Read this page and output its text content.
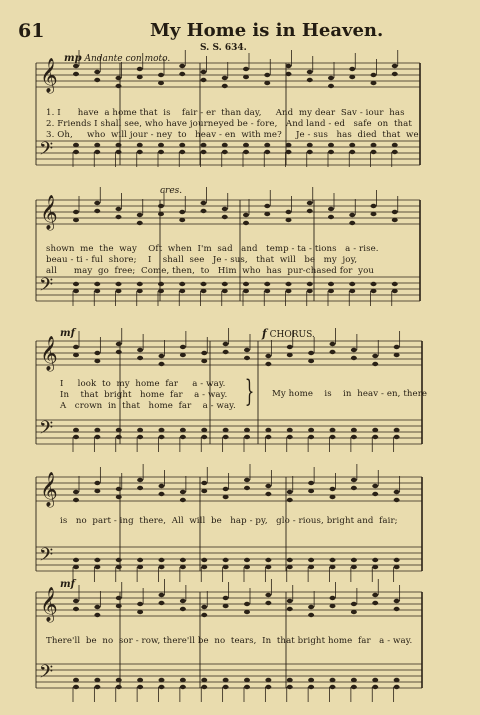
61	My Home is in Heaven.
S. S. 634.
mp Andante con moto.
𝄞
𝄢
𝄞
𝄢
𝄞
𝄢
𝄞
𝄢
𝄞
𝄢
cres.
mf	f CHORUS.
mf
1. I      have  a home that  is    fair - er  than day,     And  my dear  Sav - iour  has
2. Friends I shall see, who have journeyed be - fore,   And land - ed   safe  on  that
3. Oh,     who  will jour - ney  to   heav - en  with me?     Je - sus   has  died  that  we
shown  me  the  way    Oft  when  I'm  sad   and   temp - ta - tions   a - rise.
beau - ti - ful  shore;    I    shall  see   Je - sus,   that  will   be   my  joy,
all      may  go  free;  Come, then,  to   Him  who  has  pur-chased for  you
I     look  to  my  home  far     a - way.
In    that  bright   home  far    a - way.
A   crown  in  that   home  far    a - way. } My home    is    in  heav - en, there
is   no  part - ing  there,  All  will  be   hap - py,   glo - rious, bright and  fair;
There'll  be  no  sor - row, there'll be  no  tears,  In  that bright home  far   a - way.
